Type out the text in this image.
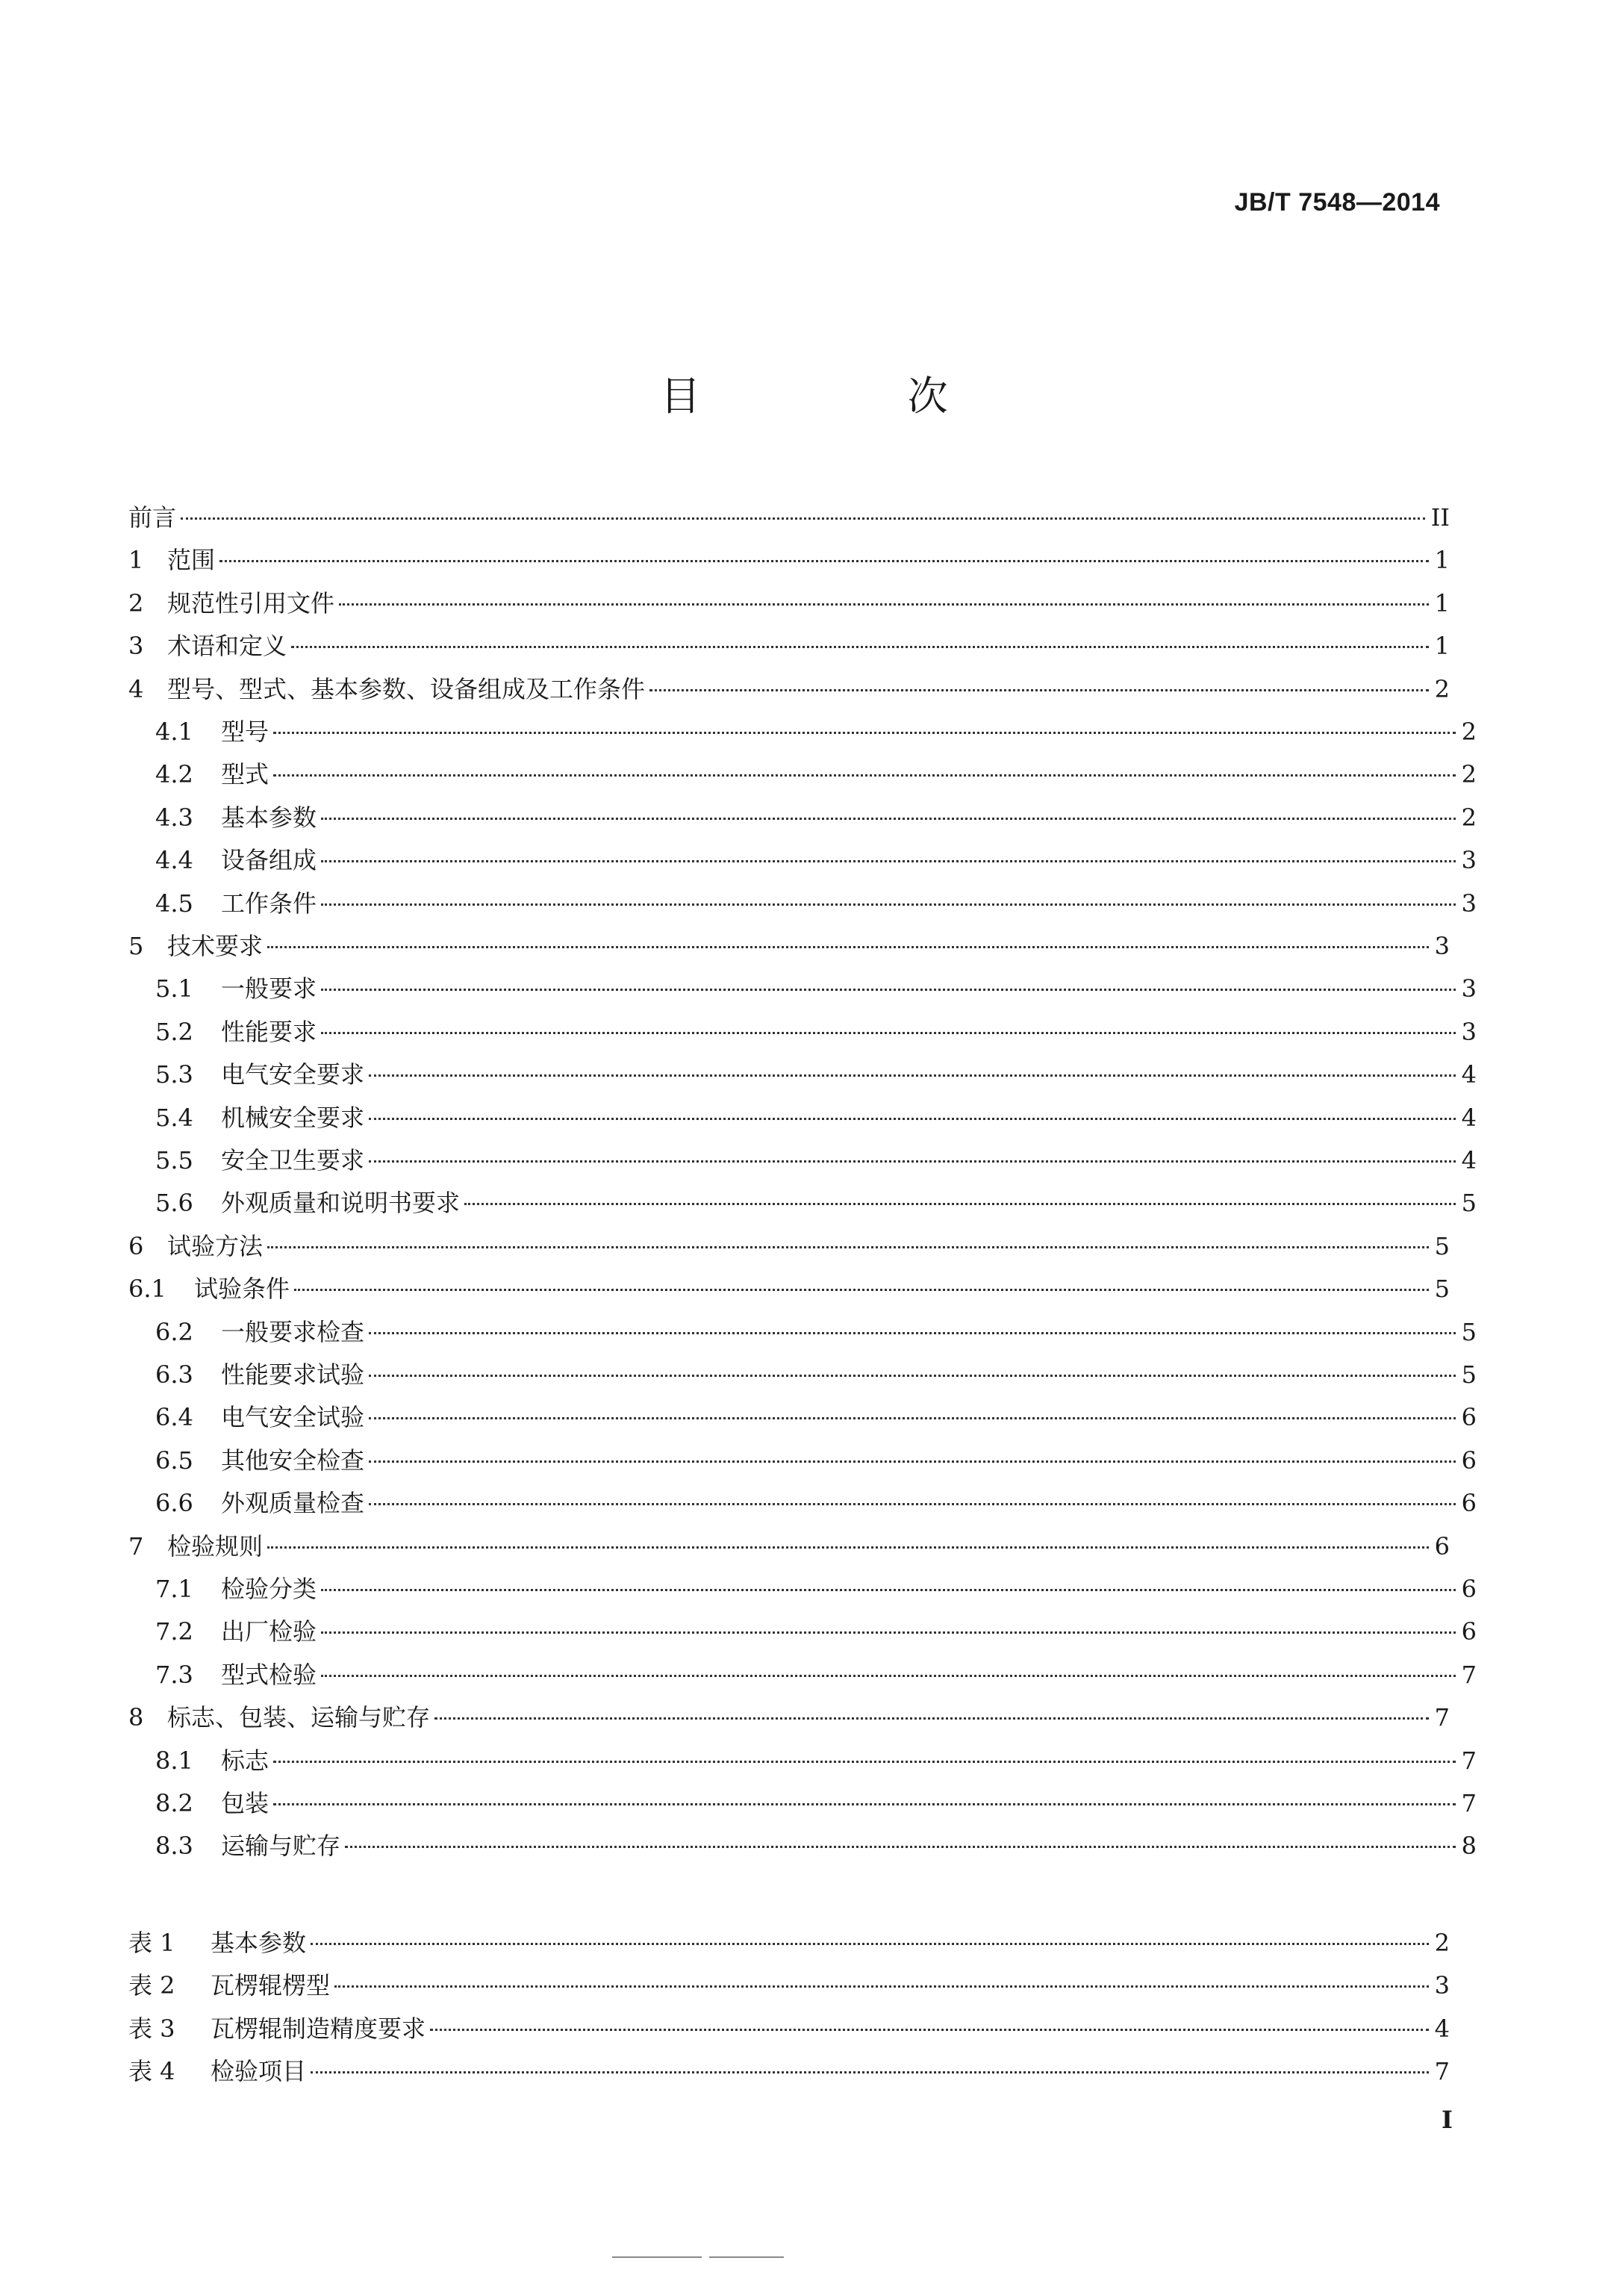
JB/T 7548—2014
目 次
前言	II
1 范围	1
2 规范性引用文件	1
3 术语和定义	1
4 型号、型式、基本参数、设备组成及工作条件	2
4.1	型号	2
4.2	型式	2
4.3	基本参数	2
4.4	设备组成	3
4.5	工作条件	3
5 技术要求	3
5.1	一般要求	3
5.2	性能要求	3
5.3	电气安全要求	4
5.4	机械安全要求	4
5.5	安全卫生要求	4
5.6	外观质量和说明书要求	5
6 试验方法	5
6.1	试验条件	5
6.2	一般要求检查	5
6.3	性能要求试验	5
6.4	电气安全试验	6
6.5	其他安全检查	6
6.6	外观质量检查	6
7 检验规则	6
7.1	检验分类	6
7.2	出厂检验	6
7.3	型式检验	7
8 标志、包装、运输与贮存	7
8.1	标志	7
8.2	包装	7
8.3	运输与贮存	8
表 1	基本参数	2
表 2	瓦楞辊楞型	3
表 3	瓦楞辊制造精度要求	4
表 4	检验项目	7
I
